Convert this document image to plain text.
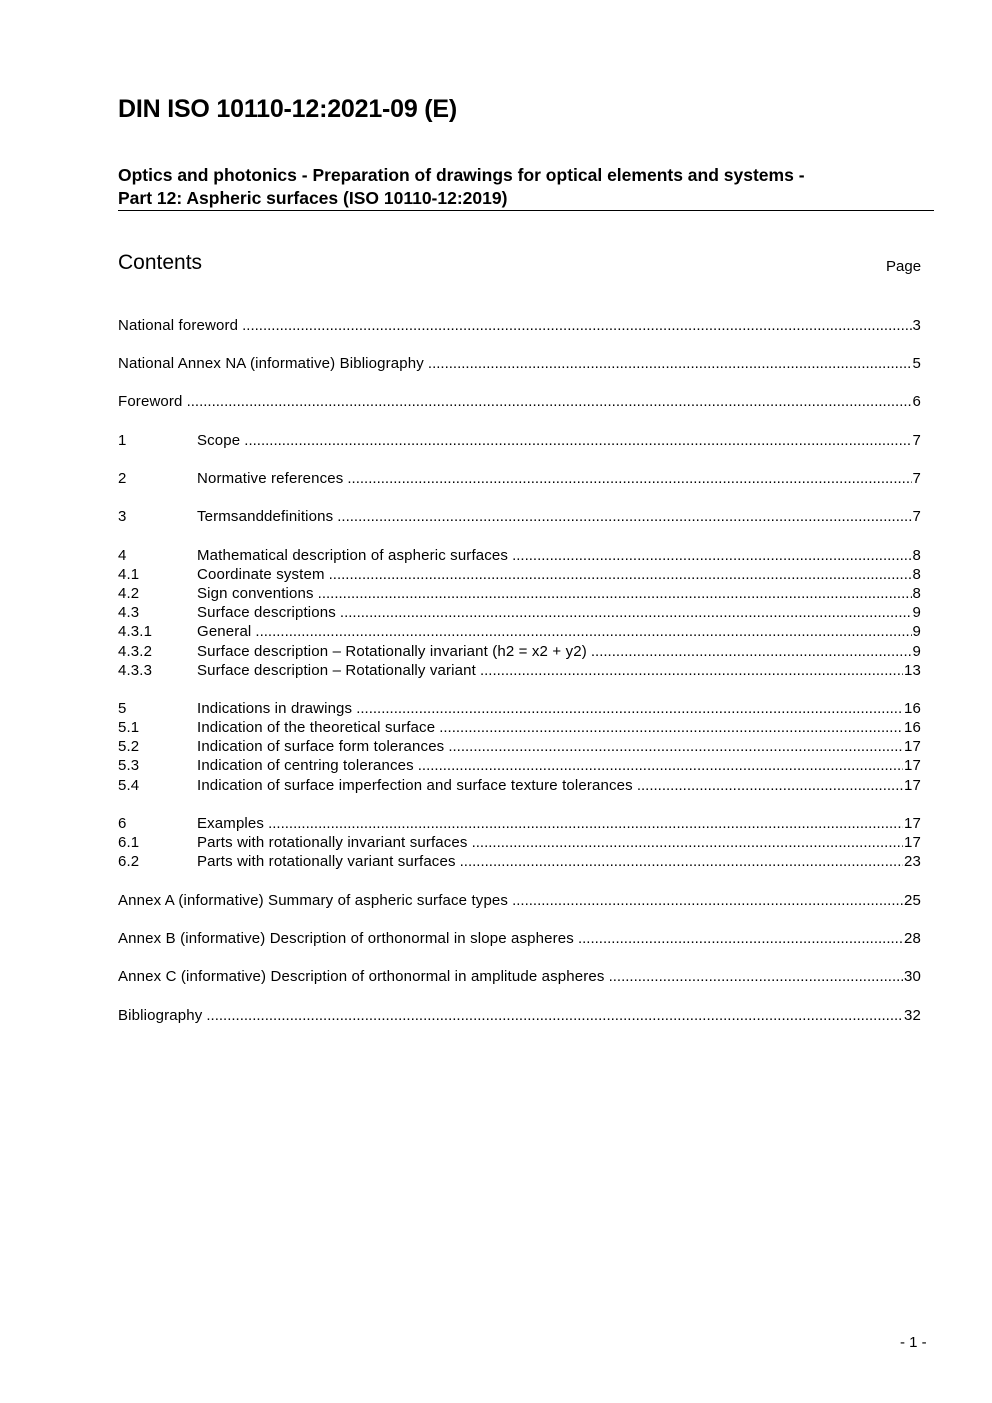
DIN ISO 10110-12:2021-09 (E)
Optics and photonics - Preparation of drawings for optical elements and systems -
Part 12: Aspheric surfaces (ISO 10110-12:2019)
Contents	Page
National foreword .....	3
National Annex NA (informative) Bibliography .....	5
Foreword .....	6
1	Scope .....	7
2	Normative references .....	7
3	Termsanddefinitions .....	7
4	Mathematical description of aspheric surfaces .....	8
4.1	Coordinate system .....	8
4.2	Sign conventions .....	8
4.3	Surface descriptions .....	9
4.3.1	General .....	9
4.3.2	Surface description – Rotationally invariant (h2 = x2 + y2) .....	9
4.3.3	Surface description – Rotationally variant .....	13
5	Indications in drawings .....	16
5.1	Indication of the theoretical surface .....	16
5.2	Indication of surface form tolerances .....	17
5.3	Indication of centring tolerances .....	17
5.4	Indication of surface imperfection and surface texture tolerances .....	17
6	Examples .....	17
6.1	Parts with rotationally invariant surfaces .....	17
6.2	Parts with rotationally variant surfaces .....	23
Annex A (informative) Summary of aspheric surface types .....	25
Annex B (informative) Description of orthonormal in slope aspheres .....	28
Annex C (informative) Description of orthonormal in amplitude aspheres .....	30
Bibliography .....	32
- 1 -
